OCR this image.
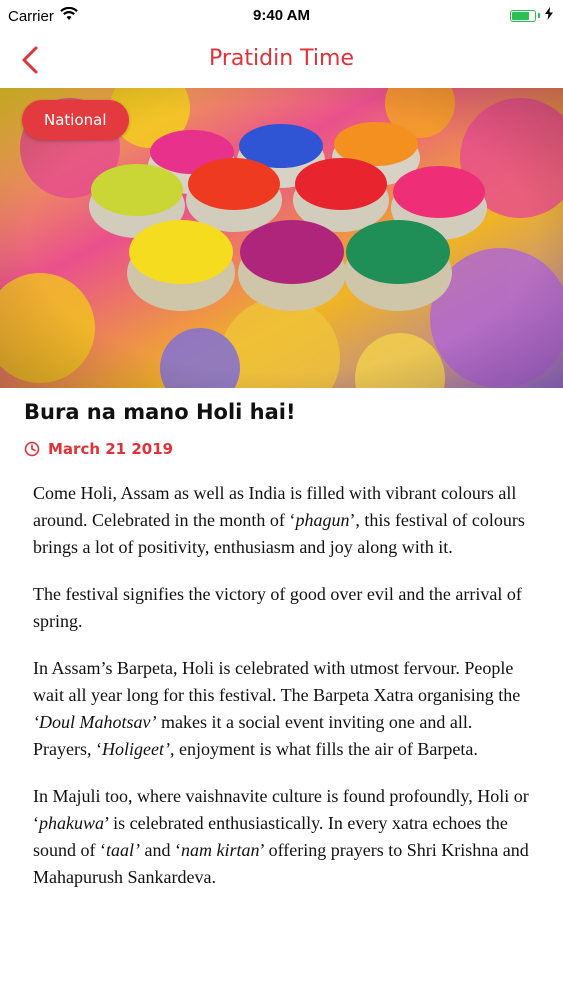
Carrier	9:40 AM
Pratidin Time
National
Bura na mano Holi hai!
March 21 2019

Come Holi, Assam as well as India is filled with vibrant colours all around. Celebrated in the month of ‘phagun’, this festival of colours brings a lot of positivity, enthusiasm and joy along with it.

The festival signifies the victory of good over evil and the arrival of spring.

In Assam’s Barpeta, Holi is celebrated with utmost fervour. People wait all year long for this festival. The Barpeta Xatra organising the ‘Doul Mahotsav’ makes it a social event inviting one and all. Prayers, ‘Holigeet’, enjoyment is what fills the air of Barpeta.

In Majuli too, where vaishnavite culture is found profoundly, Holi or ‘phakuwa’ is celebrated enthusiastically. In every xatra echoes the sound of ‘taal’ and ‘nam kirtan’ offering prayers to Shri Krishna and Mahapurush Sankardeva.
